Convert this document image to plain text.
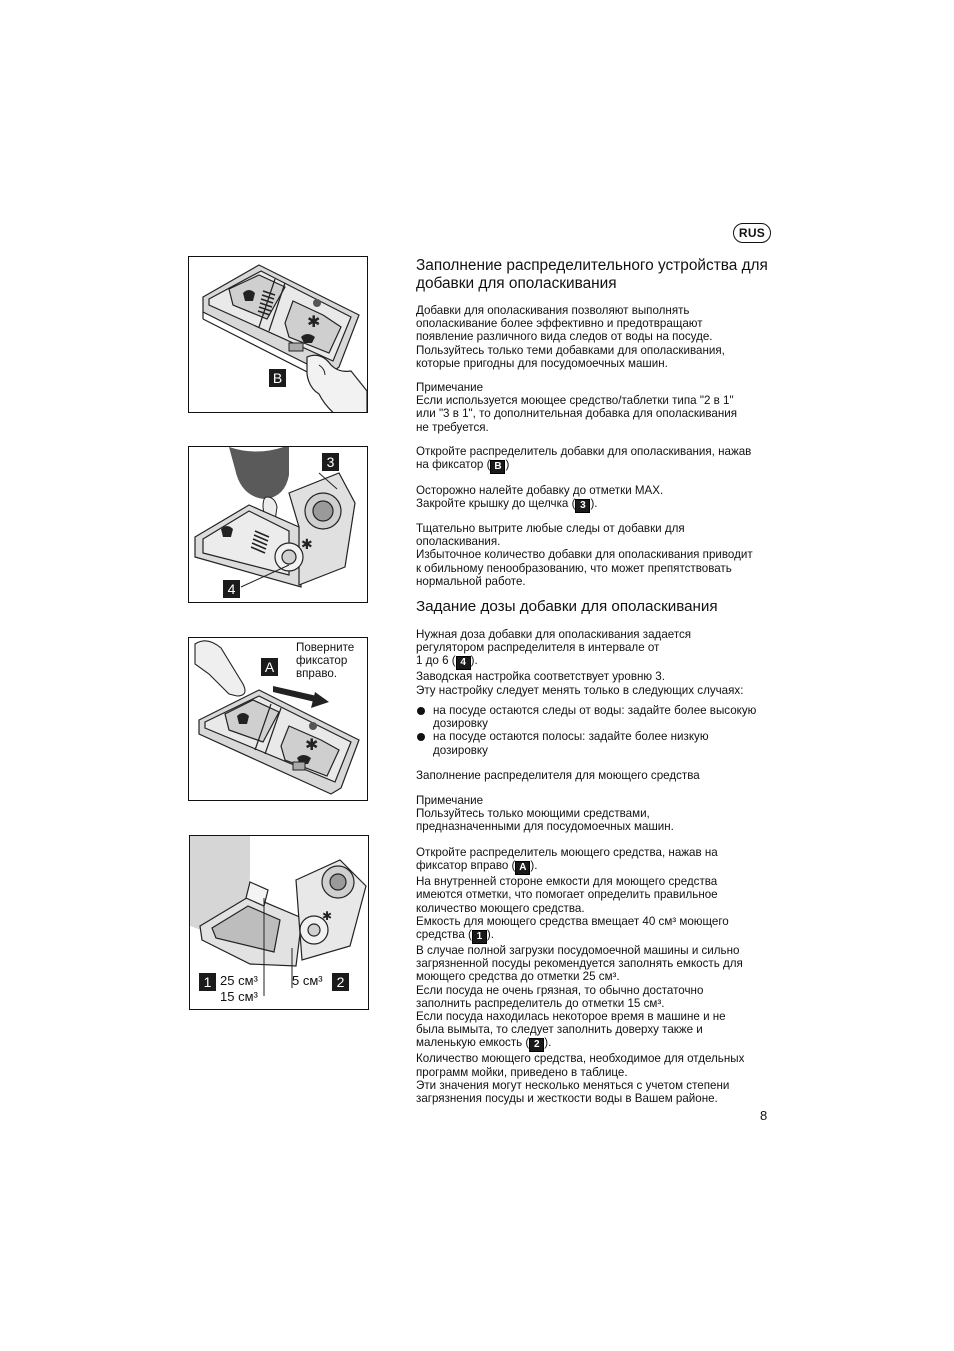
RUS
✱
B
✱
3
4
✱
A
Поверните
фиксатор
вправо.
✱
1 25 см³
15 см³
5 см³ 2
Заполнение распределительного устройства для добавки для ополаскивания

Добавки для ополаскивания позволяют выполнять

ополаскивание более эффективно и предотвращают

появление различного вида следов от воды на посуде.

Пользуйтесь только теми добавками для ополаскивания,

которые пригодны для посудомоечных машин.

Примечание

Если используется моющее средство/таблетки типа "2 в 1"

или "3 в 1", то дополнительная добавка для ополаскивания

не требуется.

Откройте распределитель добавки для ополаскивания, нажав

на фиксатор ( B )

Осторожно налейте добавку до отметки MAX.

Закройте крышку до щелчка ( 3 ).

Тщательно вытрите любые следы от добавки для

ополаскивания.

Избыточное количество добавки для ополаскивания приводит

к обильному пенообразованию, что может препятствовать

нормальной работе.

Задание дозы добавки для ополаскивания

Нужная доза добавки для ополаскивания задается

регулятором распределителя в интервале от

1 до 6 ( 4 ).

Заводская настройка соответствует уровню 3.

Эту настройку следует менять только в следующих случаях:

на посуде остаются следы от воды: задайте более высокую

дозировку

на посуде остаются полосы: задайте более низкую

дозировку

Заполнение распределителя для моющего средства

Примечание

Пользуйтесь только моющими средствами,

предназначенными для посудомоечных машин.

Откройте распределитель моющего средства, нажав на

фиксатор вправо ( A ).

На внутренней стороне емкости для моющего средства

имеются отметки, что помогает определить правильное

количество моющего средства.

Емкость для моющего средства вмещает 40 см³ моющего

средства ( 1 ).

В случае полной загрузки посудомоечной машины и сильно

загрязненной посуды рекомендуется заполнять емкость для

моющего средства до отметки 25 см³.

Если посуда не очень грязная, то обычно достаточно

заполнить распределитель до отметки 15 см³.

Если посуда находилась некоторое время в машине и не

была вымыта, то следует заполнить доверху также и

маленькую емкость ( 2 ).

Количество моющего средства, необходимое для отдельных

программ мойки, приведено в таблице.

Эти значения могут несколько меняться с учетом степени

загрязнения посуды и жесткости воды в Вашем районе.

8
